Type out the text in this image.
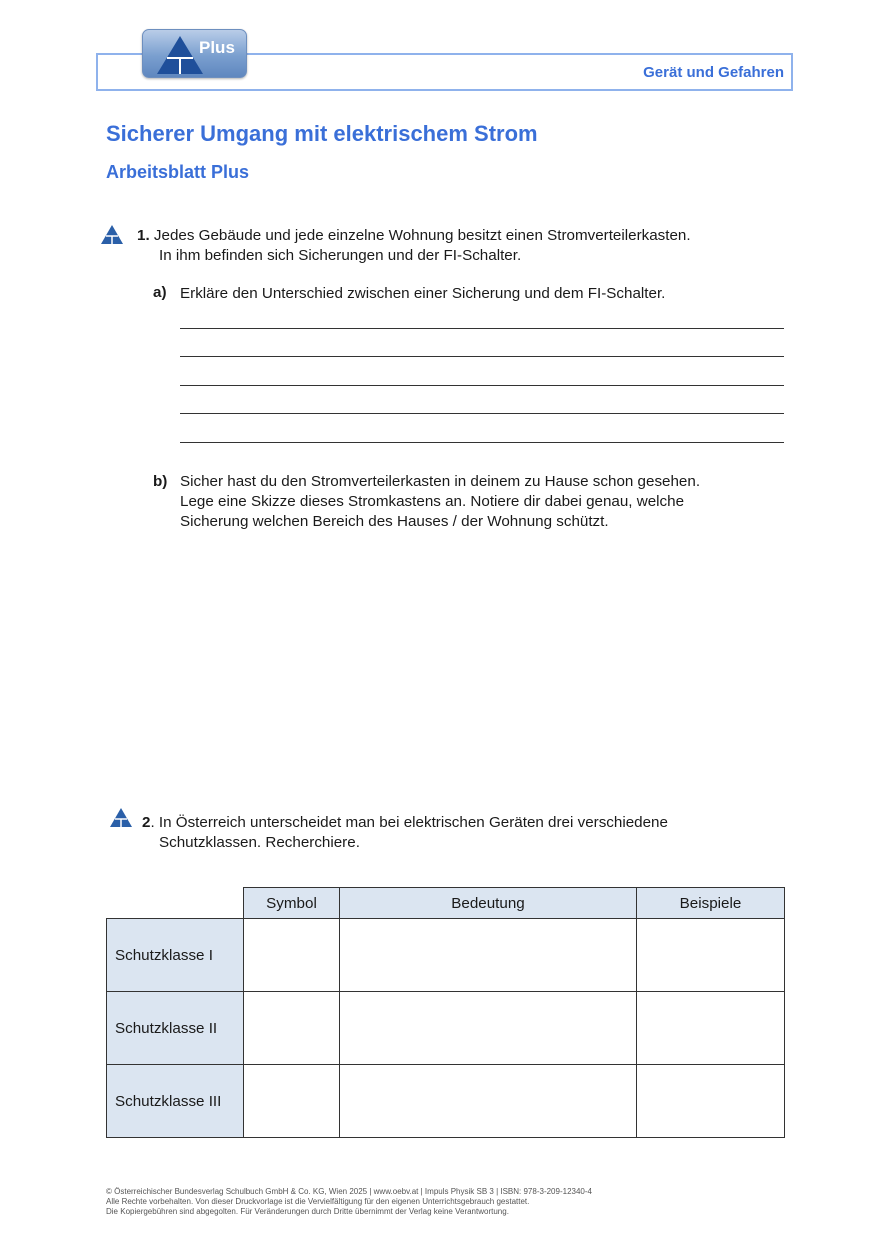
Plus
Gerät und Gefahren
Sicherer Umgang mit elektrischem Strom
Arbeitsblatt Plus
1. Jedes Gebäude und jede einzelne Wohnung besitzt einen Stromverteilerkasten.
In ihm befinden sich Sicherungen und der FI-Schalter.
a) Erkläre den Unterschied zwischen einer Sicherung und dem FI-Schalter.
b) Sicher hast du den Stromverteilerkasten in deinem zu Hause schon gesehen.
Lege eine Skizze dieses Stromkastens an. Notiere dir dabei genau, welche
Sicherung welchen Bereich des Hauses / der Wohnung schützt.
2. In Österreich unterscheidet man bei elektrischen Geräten drei verschiedene
Schutzklassen. Recherchiere.
	Symbol	Bedeutung	Beispiele
Schutzklasse I			
Schutzklasse II			
Schutzklasse III			
© Österreichischer Bundesverlag Schulbuch GmbH & Co. KG, Wien 2025 | www.oebv.at | Impuls Physik SB 3 | ISBN: 978-3-209-12340-4
Alle Rechte vorbehalten. Von dieser Druckvorlage ist die Vervielfältigung für den eigenen Unterrichtsgebrauch gestattet.
Die Kopiergebühren sind abgegolten. Für Veränderungen durch Dritte übernimmt der Verlag keine Verantwortung.
